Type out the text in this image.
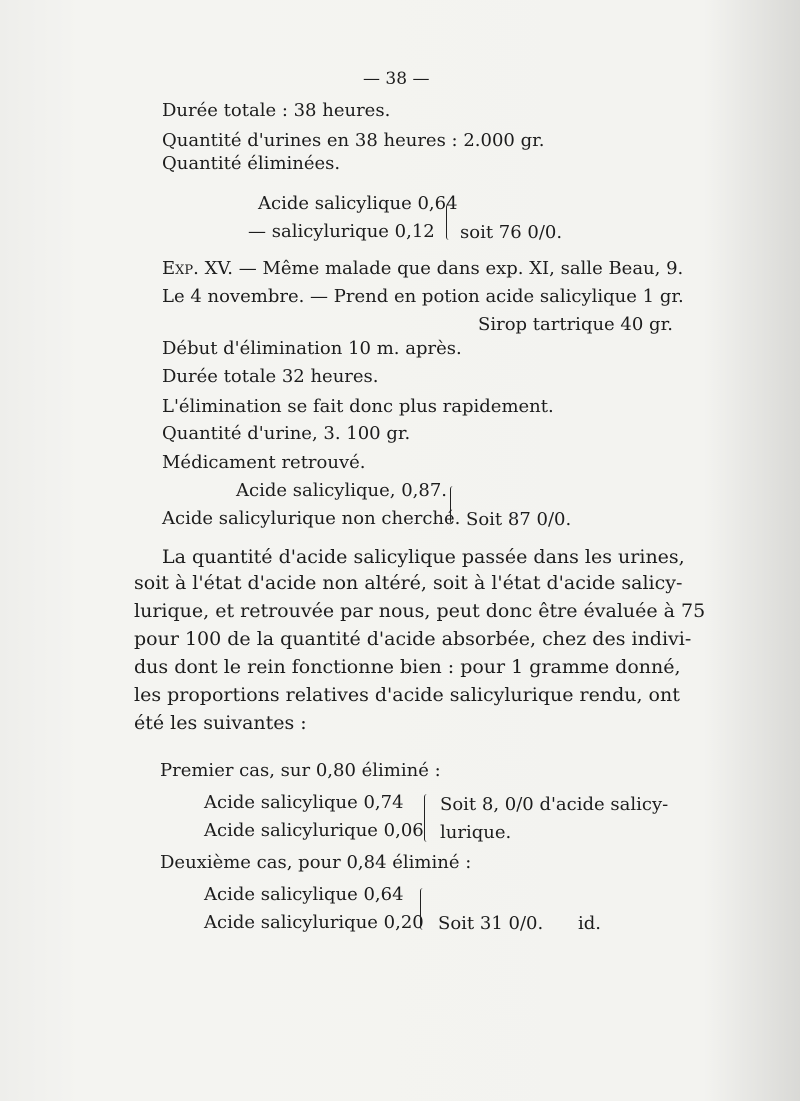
— 38 —
Durée totale : 38 heures.
Quantité d'urines en 38 heures : 2.000 gr.
Quantité éliminées.
Acide salicylique 0,64
— salicylurique 0,12 soit 76 0/0.
Exp. XV. — Même malade que dans exp. XI, salle Beau, 9.
Le 4 novembre. — Prend en potion acide salicylique 1 gr.
Sirop tartrique 40 gr.
Début d'élimination 10 m. après.
Durée totale 32 heures.
L'élimination se fait donc plus rapidement.
Quantité d'urine, 3. 100 gr.
Médicament retrouvé.
Acide salicylique, 0,87.
Acide salicylurique non cherché. Soit 87 0/0.
La quantité d'acide salicylique passée dans les urines,
soit à l'état d'acide non altéré, soit à l'état d'acide salicy-
lurique, et retrouvée par nous, peut donc être évaluée à 75
pour 100 de la quantité d'acide absorbée, chez des indivi-
dus dont le rein fonctionne bien : pour 1 gramme donné,
les proportions relatives d'acide salicylurique rendu, ont
été les suivantes :
Premier cas, sur 0,80 éliminé :
Acide salicylique 0,74
Acide salicylurique 0,06
Soit 8, 0/0 d'acide salicy-
lurique.
Deuxième cas, pour 0,84 éliminé :
Acide salicylique 0,64
Acide salicylurique 0,20 Soit 31 0/0. id.
